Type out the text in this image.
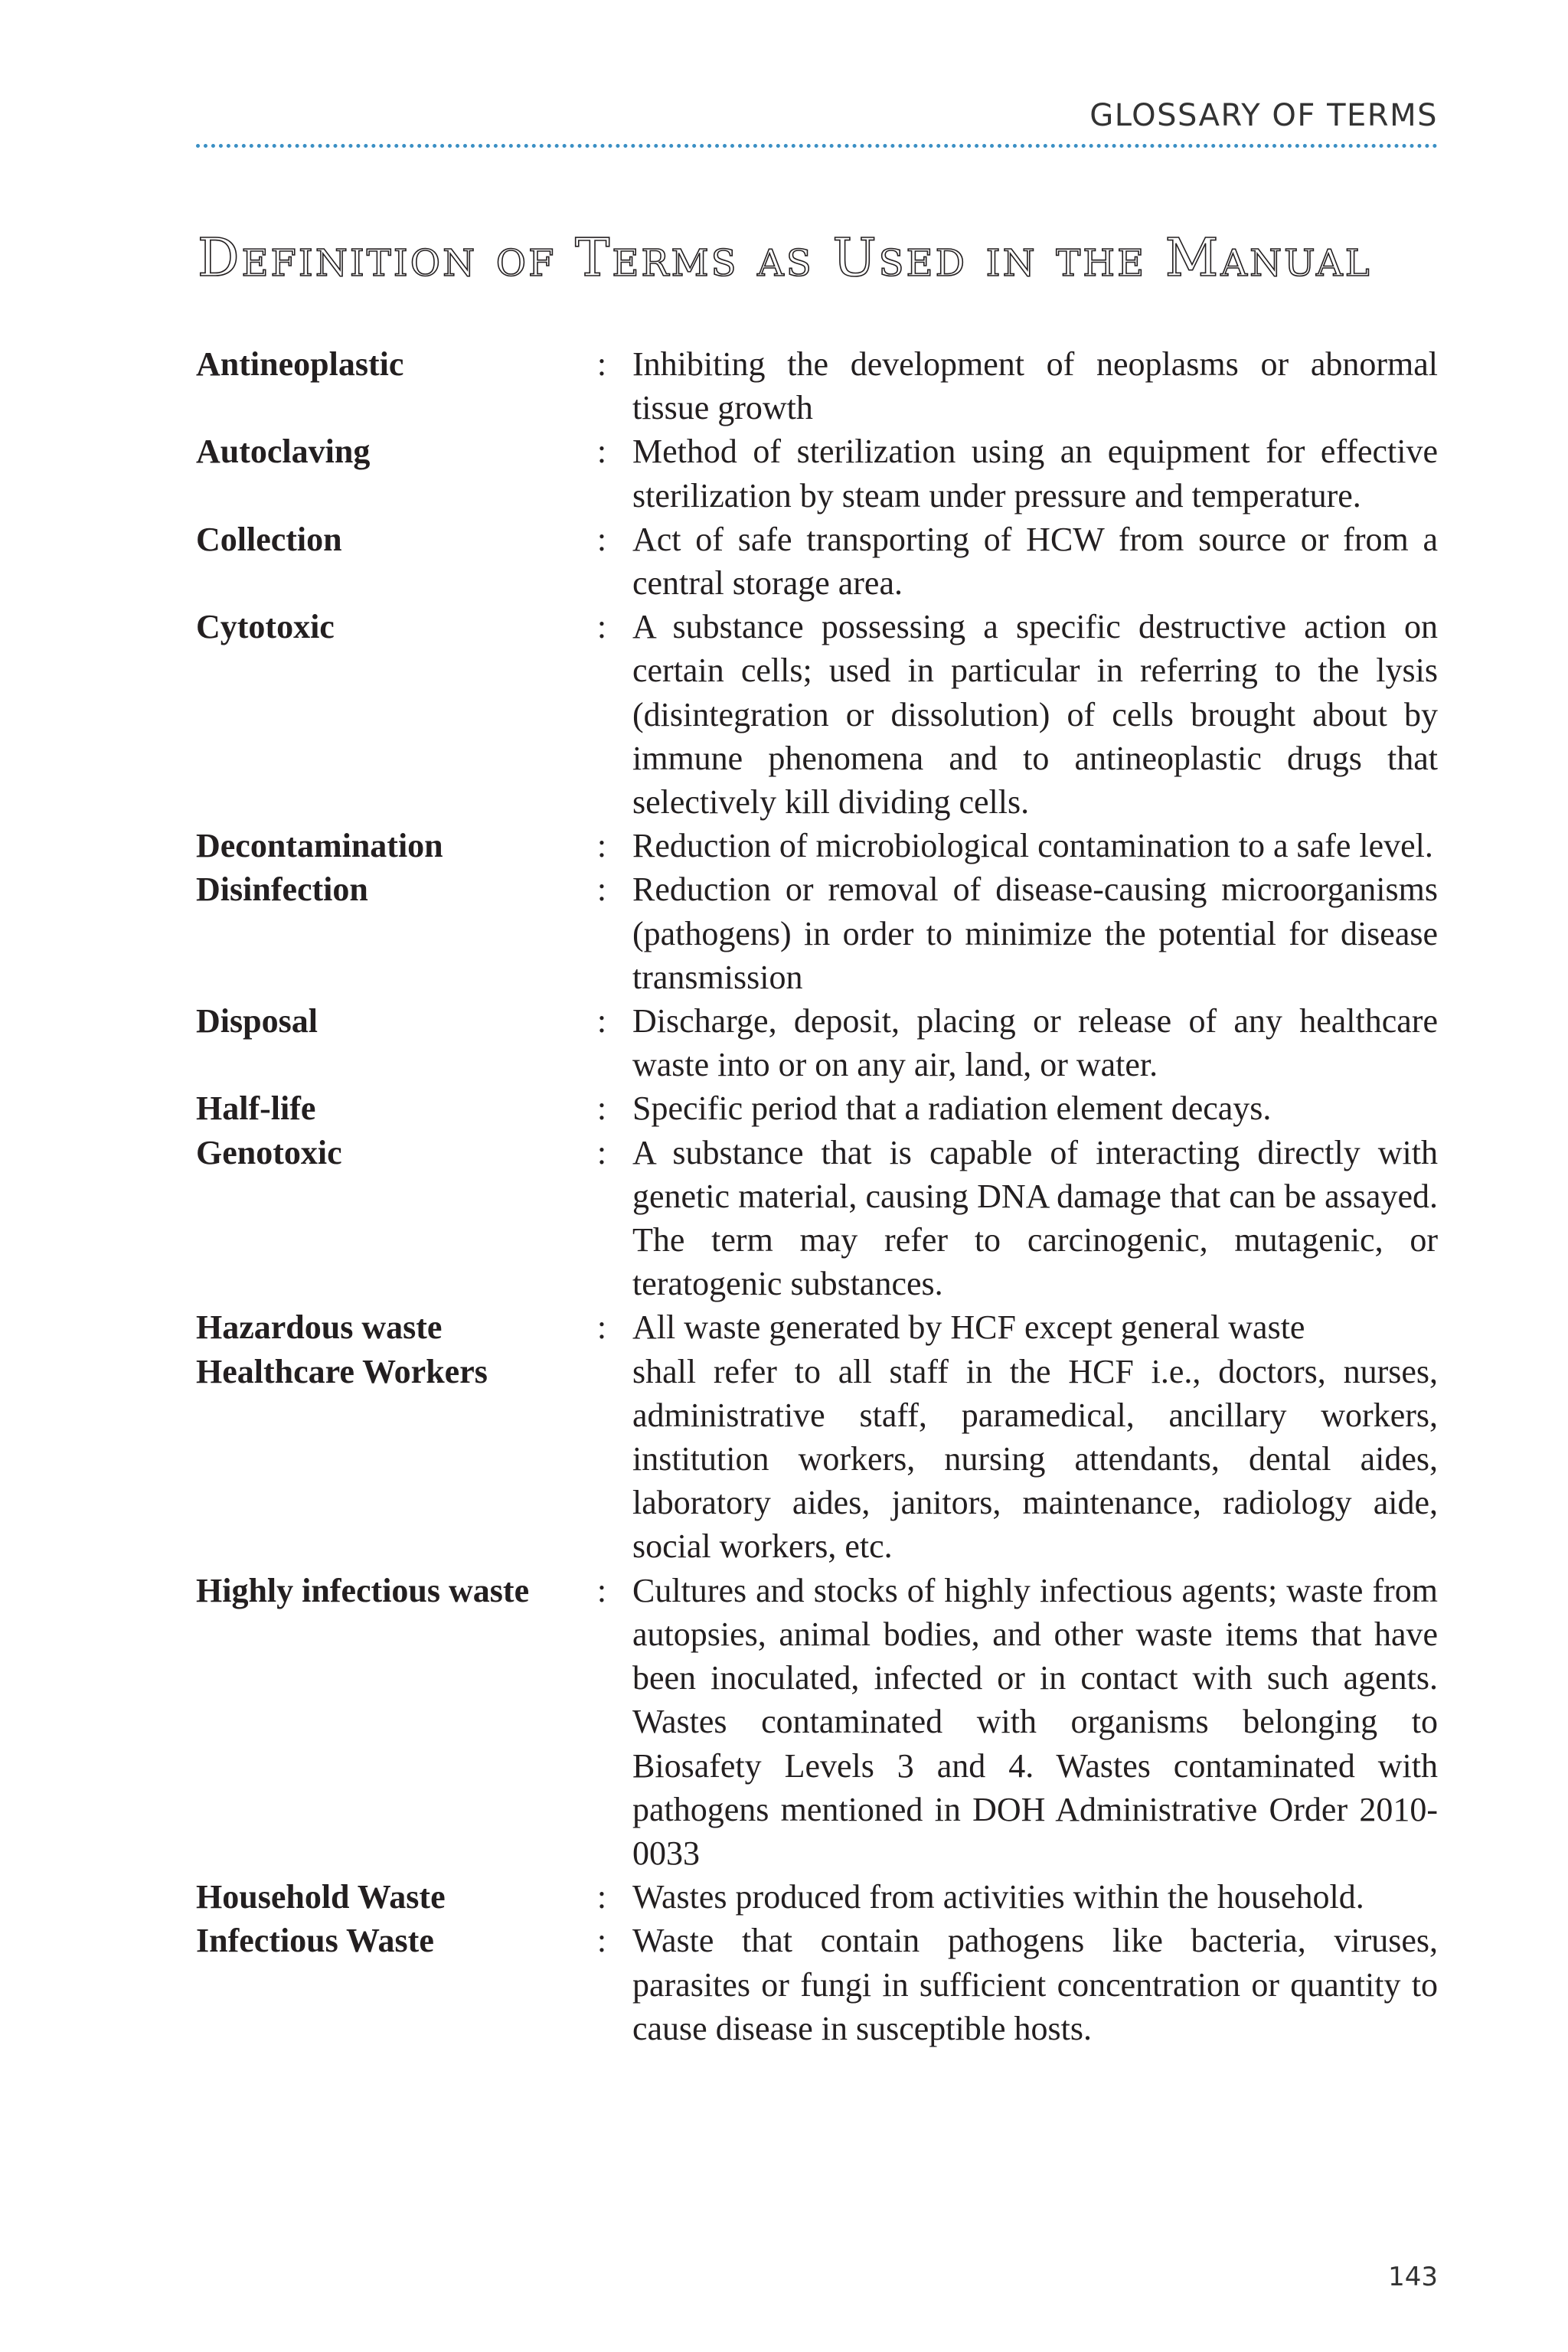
GLOSSARY OF TERMS
Definition of Terms as Used in the Manual
Antineoplastic	: Inhibiting the development of neoplasms or abnormal tissue growth
Autoclaving	: Method of sterilization using an equipment for effective sterilization by steam under pressure and temperature.
Collection	: Act of safe transporting of HCW from source or from a central storage area.
Cytotoxic	: A substance possessing a specific destructive action on certain cells; used in particular in referring to the lysis (disintegration or dissolution) of cells brought about by immune phenomena and to antineoplastic drugs that selectively kill dividing cells.
Decontamination	: Reduction of microbiological contamination to a safe level.
Disinfection	: Reduction or removal of disease-causing microorganisms (pathogens) in order to minimize the potential for disease transmission
Disposal	: Discharge, deposit, placing or release of any healthcare waste into or on any air, land, or water.
Half-life	: Specific period that a radiation element decays.
Genotoxic	: A substance that is capable of interacting directly with genetic material, causing DNA damage that can be assayed. The term may refer to carcinogenic, mutagenic, or teratogenic substances.
Hazardous waste	: All waste generated by HCF except general waste
Healthcare Workers	shall refer to all staff in the HCF i.e., doctors, nurses, administrative staff, paramedical, ancillary workers, institution workers, nursing attendants, dental aides, laboratory aides, janitors, maintenance, radiology aide, social workers, etc.
Highly infectious waste	: Cultures and stocks of highly infectious agents; waste from autopsies, animal bodies, and other waste items that have been inoculated, infected or in contact with such agents. Wastes contaminated with organisms belonging to Biosafety Levels 3 and 4. Wastes contaminated with pathogens mentioned in DOH Administrative Order 2010-0033
Household Waste	: Wastes produced from activities within the household.
Infectious Waste	: Waste that contain pathogens like bacteria, viruses, parasites or fungi in sufficient concentration or quantity to cause disease in susceptible hosts.
143
